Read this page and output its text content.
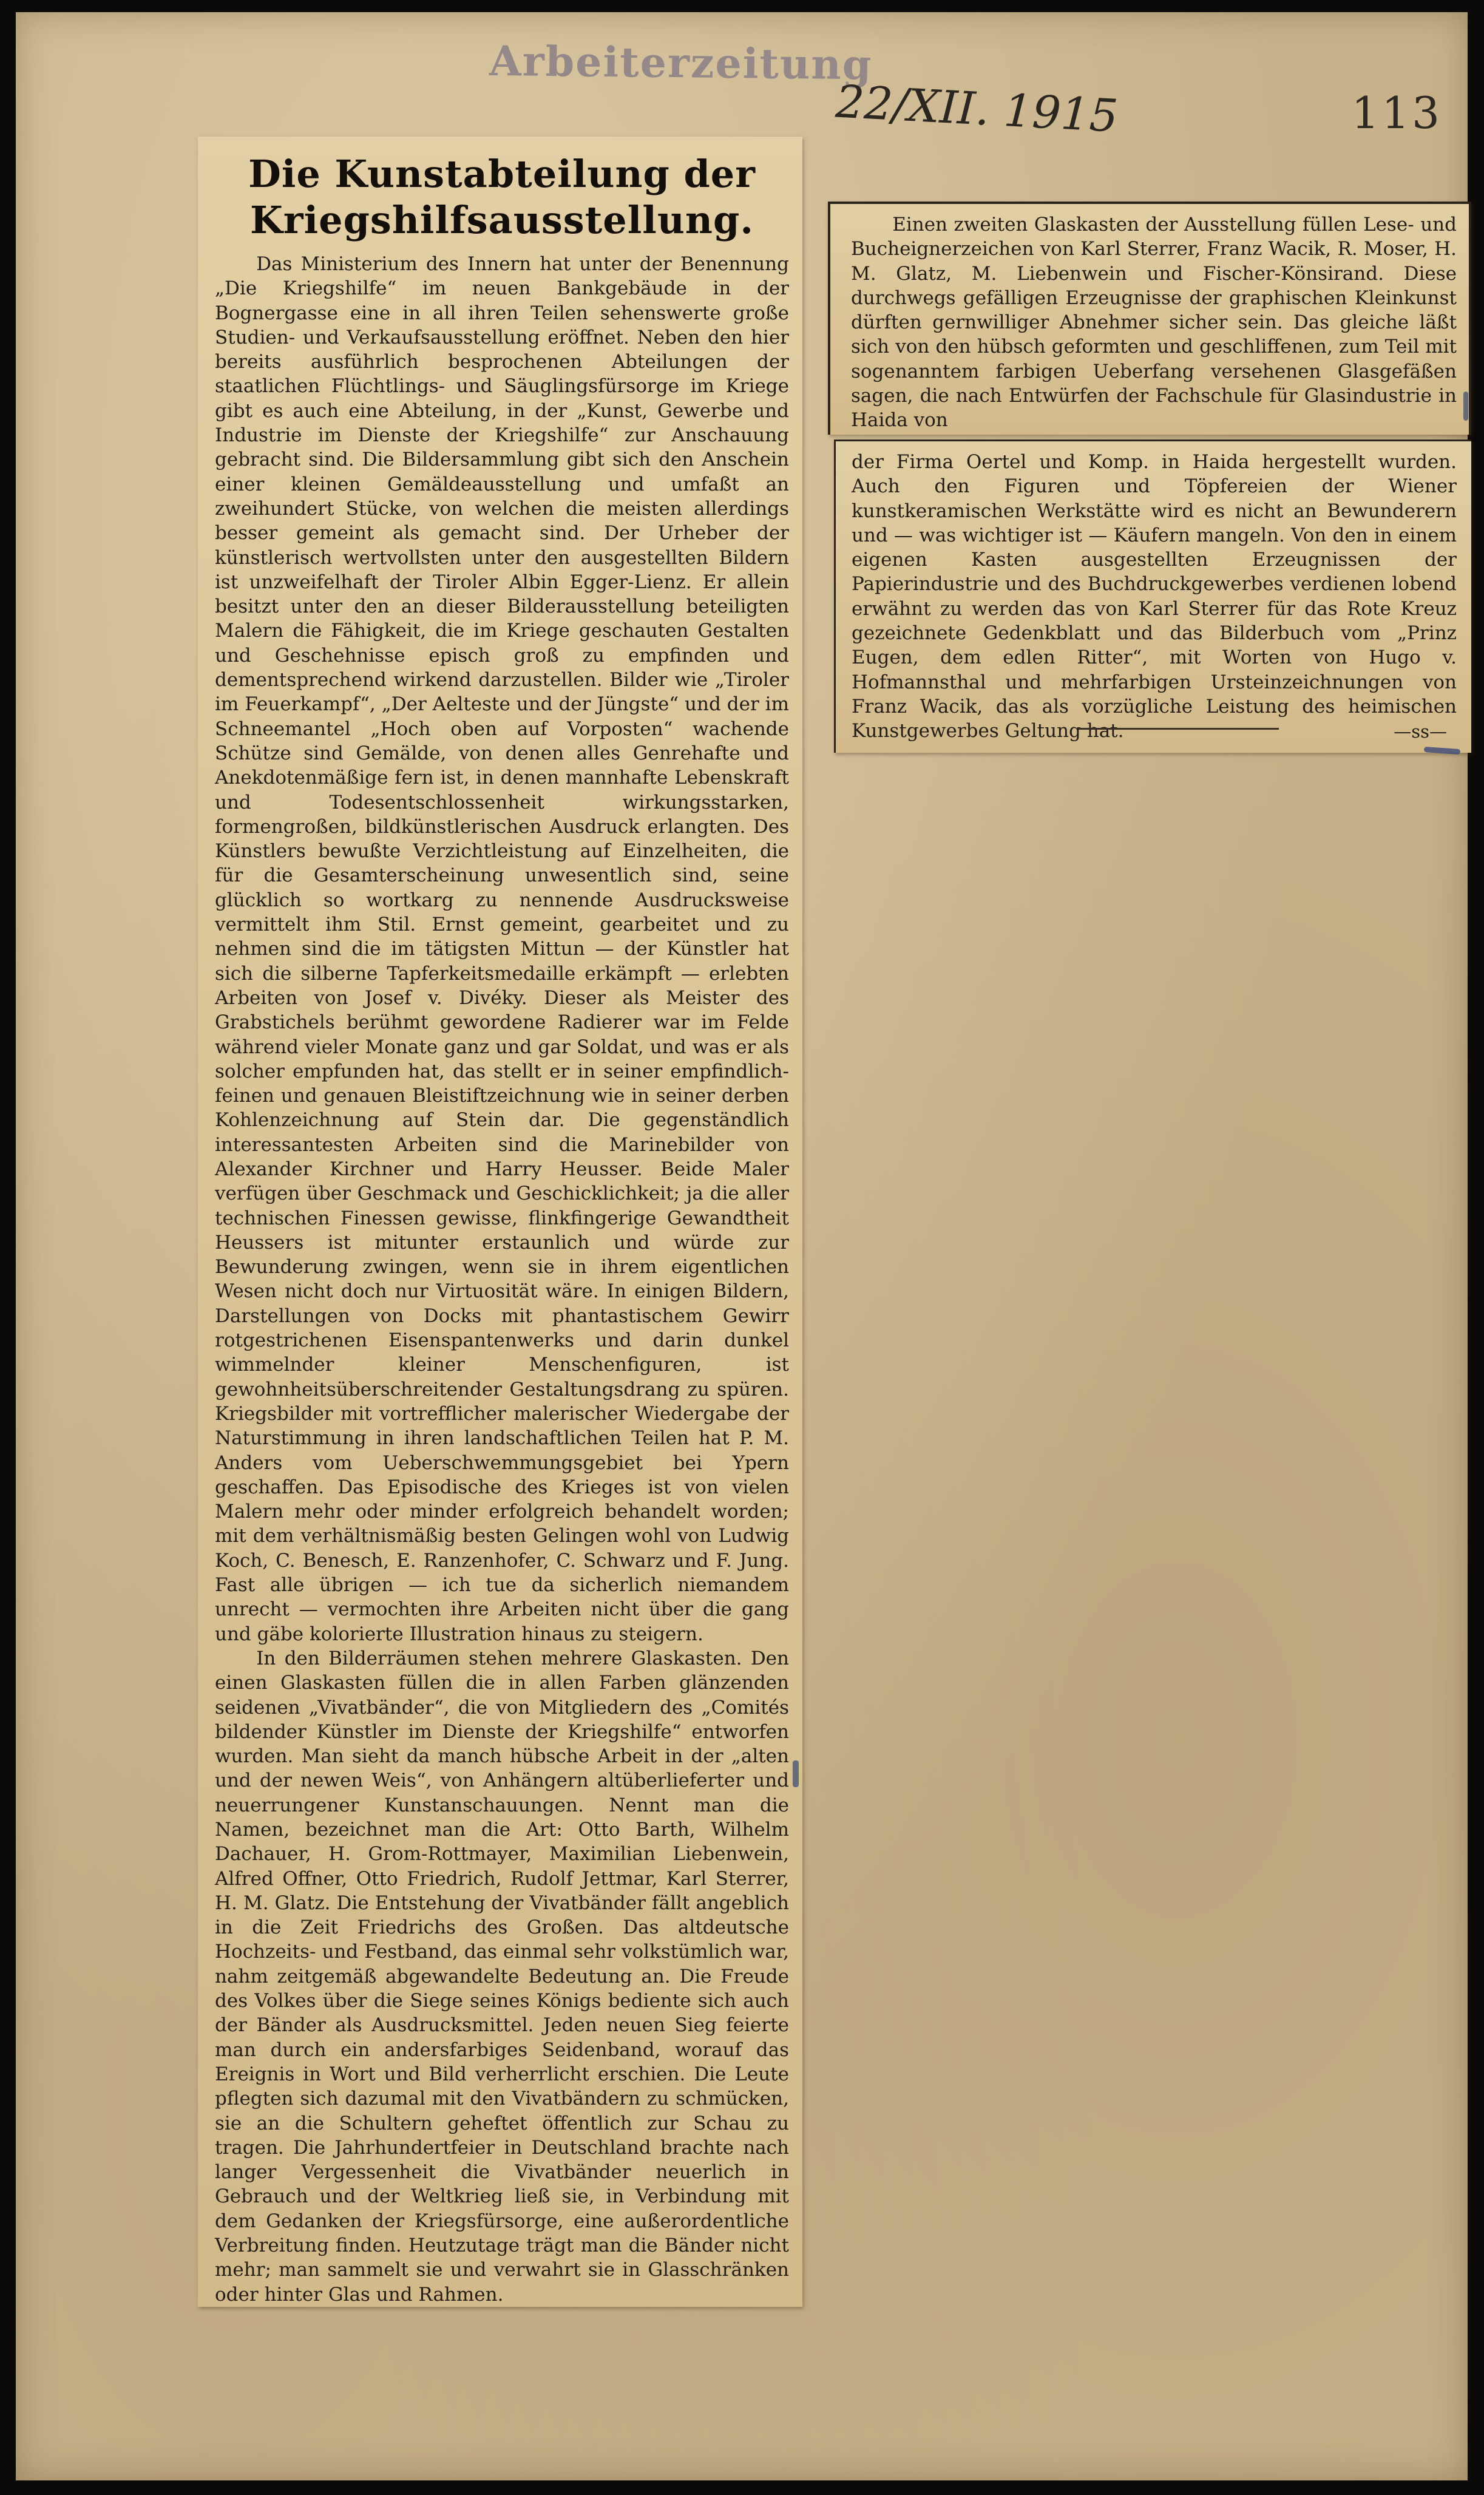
Arbeiterzeitung
22/XII. 1915	113
Die Kunstabteilung der Kriegshilfsausstellung.

Das Ministerium des Innern hat unter der Benennung „Die Kriegshilfe“ im neuen Bankgebäude in der Bognergasse eine in all ihren Teilen sehenswerte große Studien- und Verkaufsausstellung eröffnet. Neben den hier bereits ausführlich besprochenen Abteilungen der staatlichen Flüchtlings- und Säuglingsfürsorge im Kriege gibt es auch eine Abteilung, in der „Kunst, Gewerbe und Industrie im Dienste der Kriegshilfe“ zur Anschauung gebracht sind. Die Bildersammlung gibt sich den Anschein einer kleinen Gemäldeausstellung und umfaßt an zweihundert Stücke, von welchen die meisten allerdings besser gemeint als gemacht sind. Der Urheber der künstlerisch wertvollsten unter den ausgestellten Bildern ist unzweifelhaft der Tiroler Albin Egger-Lienz. Er allein besitzt unter den an dieser Bilderausstellung beteiligten Malern die Fähigkeit, die im Kriege geschauten Gestalten und Geschehnisse episch groß zu empfinden und dementsprechend wirkend darzustellen. Bilder wie „Tiroler im Feuerkampf“, „Der Aelteste und der Jüngste“ und der im Schneemantel „Hoch oben auf Vorposten“ wachende Schütze sind Gemälde, von denen alles Genrehafte und Anekdotenmäßige fern ist, in denen mannhafte Lebenskraft und Todesentschlossenheit wirkungsstarken, formengroßen, bildkünstlerischen Ausdruck erlangten. Des Künstlers bewußte Verzichtleistung auf Einzelheiten, die für die Gesamterscheinung unwesentlich sind, seine glücklich so wortkarg zu nennende Ausdrucksweise vermittelt ihm Stil. Ernst gemeint, gearbeitet und zu nehmen sind die im tätigsten Mittun — der Künstler hat sich die silberne Tapferkeitsmedaille erkämpft — erlebten Arbeiten von Josef v. Divéky. Dieser als Meister des Grabstichels berühmt gewordene Radierer war im Felde während vieler Monate ganz und gar Soldat, und was er als solcher empfunden hat, das stellt er in seiner empfindlich-feinen und genauen Bleistiftzeichnung wie in seiner derben Kohlenzeichnung auf Stein dar. Die gegenständlich interessantesten Arbeiten sind die Marinebilder von Alexander Kirchner und Harry Heusser. Beide Maler verfügen über Geschmack und Geschicklichkeit; ja die aller technischen Finessen gewisse, flinkfingerige Gewandtheit Heussers ist mitunter erstaunlich und würde zur Bewunderung zwingen, wenn sie in ihrem eigentlichen Wesen nicht doch nur Virtuosität wäre. In einigen Bildern, Darstellungen von Docks mit phantastischem Gewirr rotgestrichenen Eisenspantenwerks und darin dunkel wimmelnder kleiner Menschenfiguren, ist gewohnheitsüberschreitender Gestaltungsdrang zu spüren. Kriegsbilder mit vortrefflicher malerischer Wiedergabe der Naturstimmung in ihren landschaftlichen Teilen hat P. M. Anders vom Ueberschwemmungsgebiet bei Ypern geschaffen. Das Episodische des Krieges ist von vielen Malern mehr oder minder erfolgreich behandelt worden; mit dem verhältnismäßig besten Gelingen wohl von Ludwig Koch, C. Benesch, E. Ranzenhofer, C. Schwarz und F. Jung. Fast alle übrigen — ich tue da sicherlich niemandem unrecht — vermochten ihre Arbeiten nicht über die gang und gäbe kolorierte Illustration hinaus zu steigern.

In den Bilderräumen stehen mehrere Glaskasten. Den einen Glaskasten füllen die in allen Farben glänzenden seidenen „Vivatbänder“, die von Mitgliedern des „Comités bildender Künstler im Dienste der Kriegshilfe“ entworfen wurden. Man sieht da manch hübsche Arbeit in der „alten und der newen Weis“, von Anhängern altüberlieferter und neuerrungener Kunstanschauungen. Nennt man die Namen, bezeichnet man die Art: Otto Barth, Wilhelm Dachauer, H. Grom-Rottmayer, Maximilian Liebenwein, Alfred Offner, Otto Friedrich, Rudolf Jettmar, Karl Sterrer, H. M. Glatz. Die Entstehung der Vivatbänder fällt angeblich in die Zeit Friedrichs des Großen. Das altdeutsche Hochzeits- und Festband, das einmal sehr volkstümlich war, nahm zeitgemäß abgewandelte Bedeutung an. Die Freude des Volkes über die Siege seines Königs bediente sich auch der Bänder als Ausdrucksmittel. Jeden neuen Sieg feierte man durch ein andersfarbiges Seidenband, worauf das Ereignis in Wort und Bild verherrlicht erschien. Die Leute pflegten sich dazumal mit den Vivatbändern zu schmücken, sie an die Schultern geheftet öffentlich zur Schau zu tragen. Die Jahrhundertfeier in Deutschland brachte nach langer Vergessenheit die Vivatbänder neuerlich in Gebrauch und der Weltkrieg ließ sie, in Verbindung mit dem Gedanken der Kriegsfürsorge, eine außerordentliche Verbreitung finden. Heutzutage trägt man die Bänder nicht mehr; man sammelt sie und verwahrt sie in Glasschränken oder hinter Glas und Rahmen.

Einen zweiten Glaskasten der Ausstellung füllen Lese- und Bucheignerzeichen von Karl Sterrer, Franz Wacik, R. Moser, H. M. Glatz, M. Liebenwein und Fischer-Könsirand. Diese durchwegs gefälligen Erzeugnisse der graphischen Kleinkunst dürften gernwilliger Abnehmer sicher sein. Das gleiche läßt sich von den hübsch geformten und geschliffenen, zum Teil mit sogenanntem farbigen Ueberfang versehenen Glasgefäßen sagen, die nach Entwürfen der Fachschule für Glasindustrie in Haida von

der Firma Oertel und Komp. in Haida hergestellt wurden. Auch den Figuren und Töpfereien der Wiener kunstkeramischen Werkstätte wird es nicht an Bewunderern und — was wichtiger ist — Käufern mangeln. Von den in einem eigenen Kasten ausgestellten Erzeugnissen der Papierindustrie und des Buchdruckgewerbes verdienen lobend erwähnt zu werden das von Karl Sterrer für das Rote Kreuz gezeichnete Gedenkblatt und das Bilderbuch vom „Prinz Eugen, dem edlen Ritter“, mit Worten von Hugo v. Hofmannsthal und mehrfarbigen Ursteinzeichnungen von Franz Wacik, das als vorzügliche Leistung des heimischen Kunstgewerbes Geltung hat.	—ss—
